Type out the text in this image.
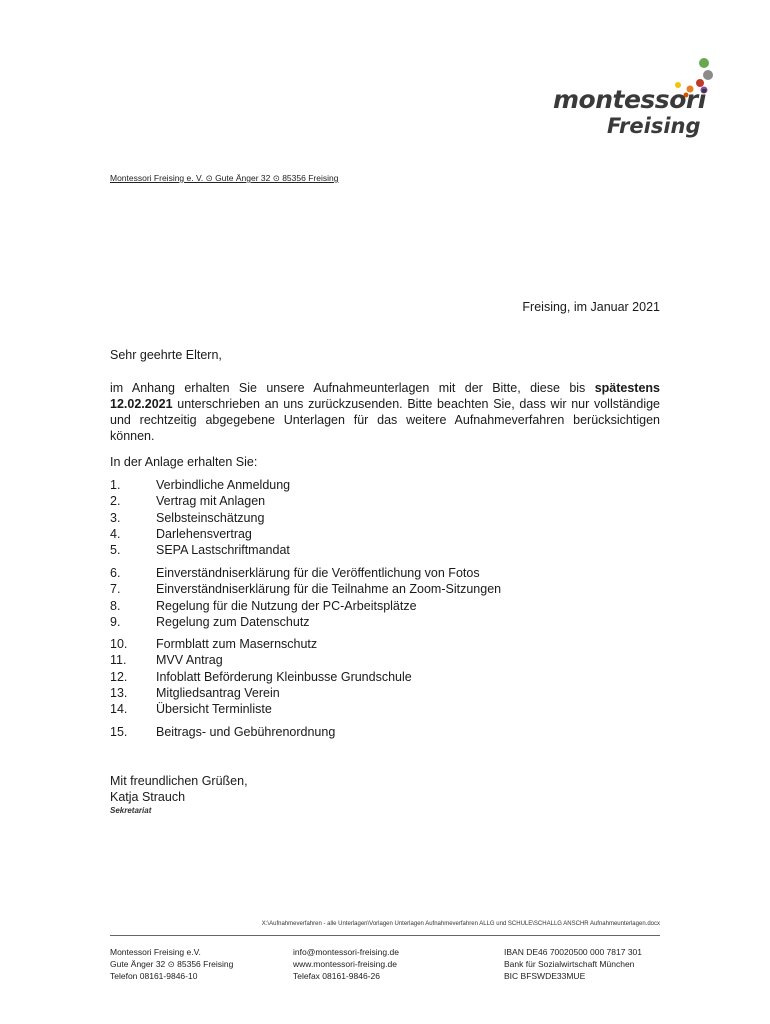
montessori
Freising
Montessori Freising e. V. ⊙ Gute Änger 32 ⊙ 85356 Freising
Freising, im Januar 2021
Sehr geehrte Eltern,
im Anhang erhalten Sie unsere Aufnahmeunterlagen mit der Bitte, diese bis spätestens 12.02.2021 unterschrieben an uns zurückzusenden. Bitte beachten Sie, dass wir nur vollständige und rechtzeitig abgegebene Unterlagen für das weitere Aufnahmeverfahren berücksichtigen können.
In der Anlage erhalten Sie:
1.	Verbindliche Anmeldung
2.	Vertrag mit Anlagen
3.	Selbsteinschätzung
4.	Darlehensvertrag
5.	SEPA Lastschriftmandat
6.	Einverständniserklärung für die Veröffentlichung von Fotos
7.	Einverständniserklärung für die Teilnahme an Zoom-Sitzungen
8.	Regelung für die Nutzung der PC-Arbeitsplätze
9.	Regelung zum Datenschutz
10.	Formblatt zum Masernschutz
11.	MVV Antrag
12.	Infoblatt Beförderung Kleinbusse Grundschule
13.	Mitgliedsantrag Verein
14.	Übersicht Terminliste
15.	Beitrags- und Gebührenordnung
Mit freundlichen Grüßen,
Katja Strauch
Sekretariat
X:\Aufnahmeverfahren - alle Unterlagen\Vorlagen Unterlagen Aufnahmeverfahren ALLG und SCHULE\SCHALLG ANSCHR Aufnahmeunterlagen.docx
Montessori Freising e.V.
Gute Änger 32 ⊙ 85356 Freising
Telefon 08161-9846-10
info@montessori-freising.de
www.montessori-freising.de
Telefax 08161-9846-26
IBAN DE46 70020500 000 7817 301
Bank für Sozialwirtschaft München
BIC BFSWDE33MUE
